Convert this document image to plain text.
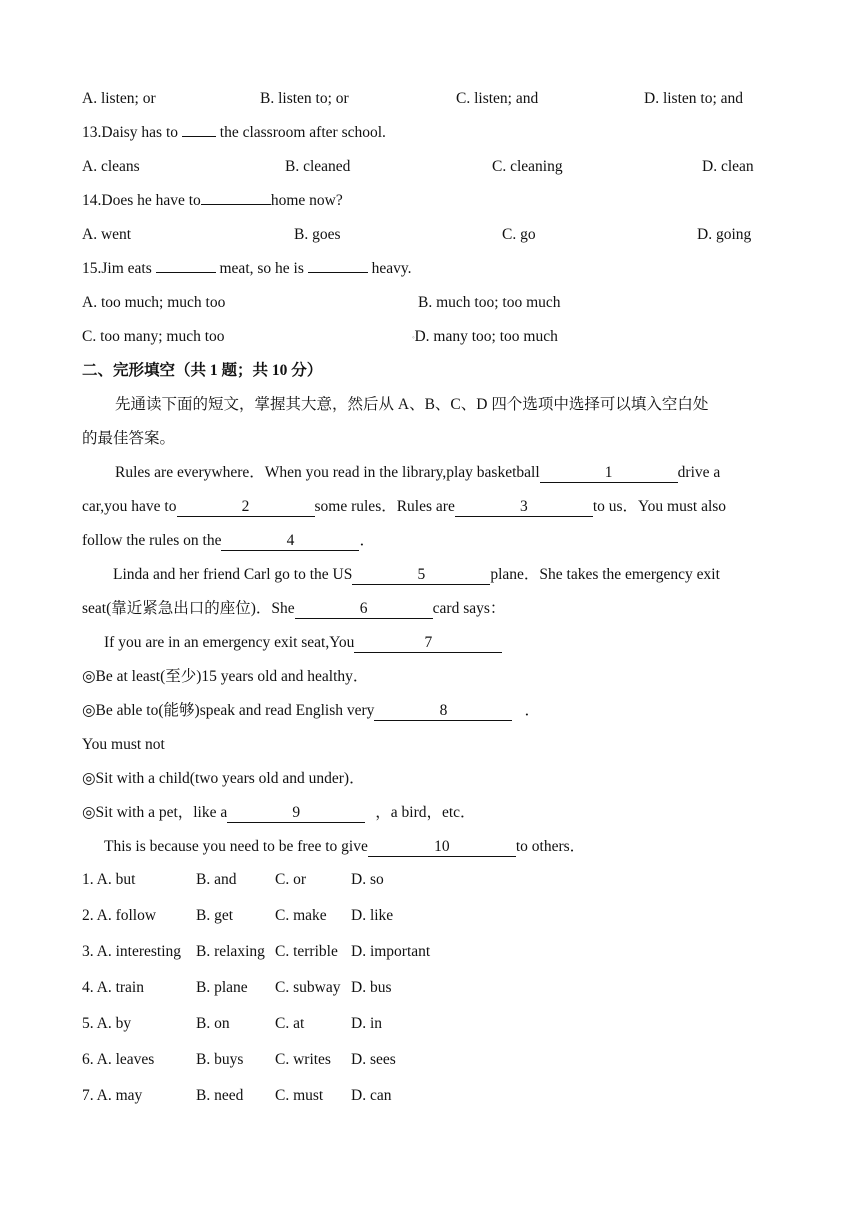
A. listen; or	B. listen to; or	C. listen; and	D. listen to; and
13.Daisy has to	the classroom after school.
A. cleans	B. cleaned	C. cleaning	D. clean
14.Does he have to	home now?
A. went	B. goes	C. go	D. going
15.Jim eats	meat, so he is	heavy.
A. too much; much too	B. much too; too much
C. too many; much too	◦D. many too; too much
二、完形填空（共 1 题；共 10 分）
先通读下面的短文，掌握其大意，然后从 A、B、C、D 四个选项中选择可以填入空白处
的最佳答案。
Rules are everywhere．When you read in the library,play basketball	1	drive a
car,you have to	2	some rules．Rules are	3	to us．You must also
follow the rules on the	4	．
Linda and her friend Carl go to the US	5	plane．She takes the emergency exit
seat(靠近紧急出口的座位)．She	6	card says：
If you are in an emergency exit seat,You	7
◎Be at least(至少)15 years old and healthy．
◎Be able to(能够)speak and read English very	8	．
You must not
◎Sit with a child(two years old and under)．
◎Sit with a pet，like a	9	，a bird，etc．
This is because you need to be free to give	10	to others．
1. A. but	B. and C. or	D. so
2. A. follow	B. get	C. make D. like
3. A. interesting B. relaxing C. terrible D. important
4. A. train	B. plane C. subway D. bus
5. A. by	B. on	C. at	D. in
6. A. leaves	B. buys C. writes D. sees
7. A. may	B. need C. must D. can
